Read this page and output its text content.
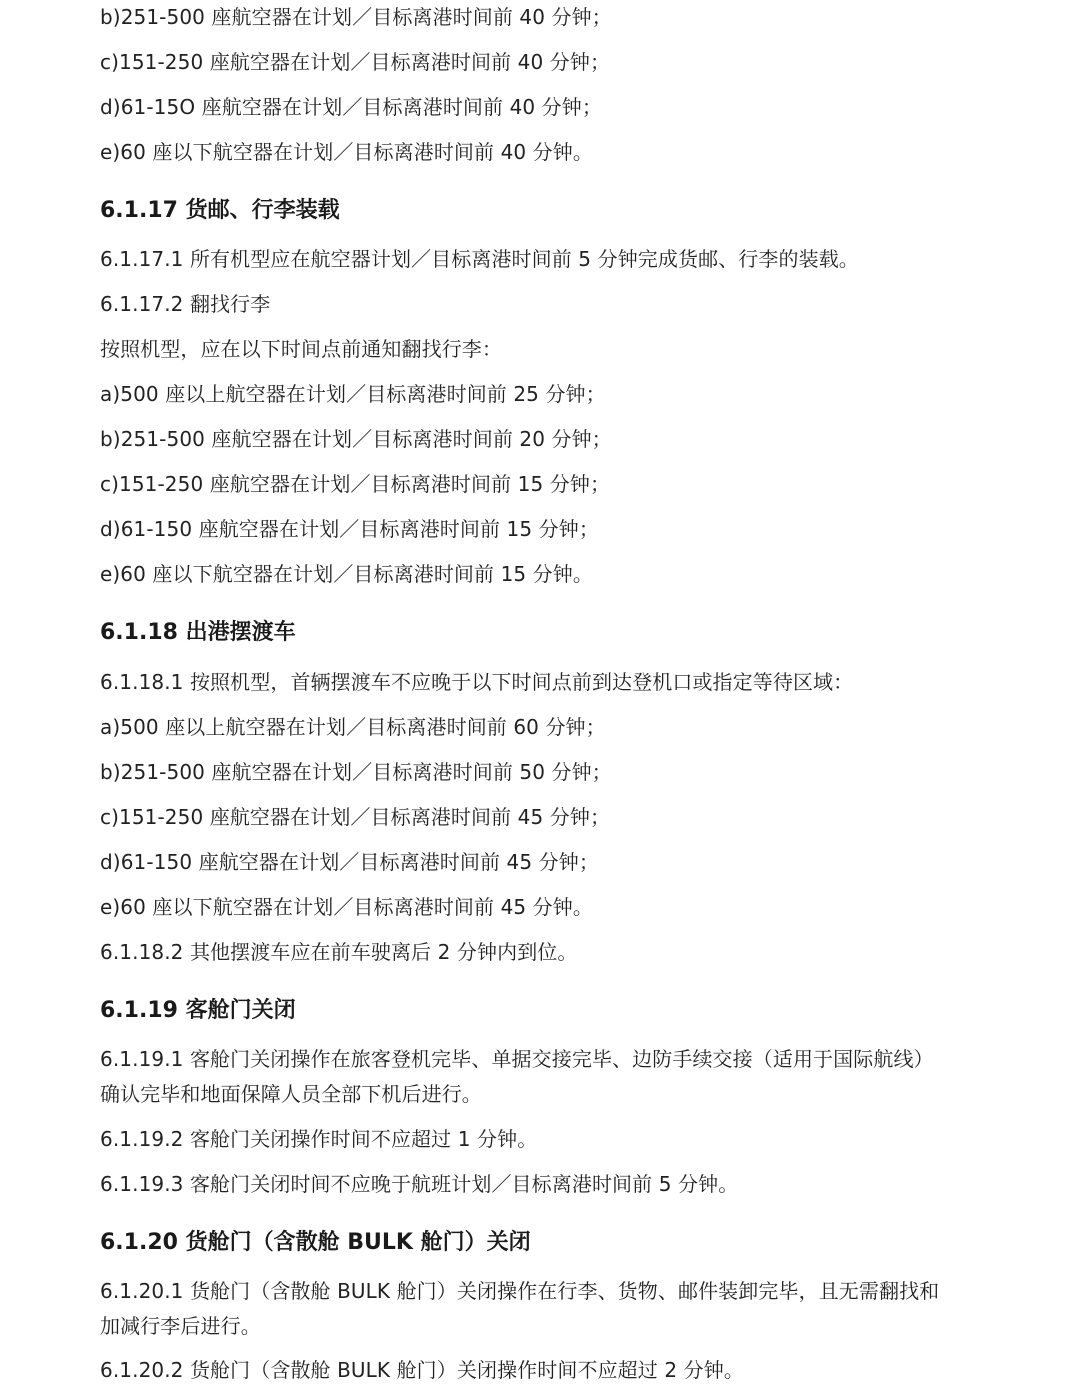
b)251-500 座航空器在计划／目标离港时间前 40 分钟；

c)151-250 座航空器在计划／目标离港时间前 40 分钟；

d)61-15O 座航空器在计划／目标离港时间前 40 分钟；

e)60 座以下航空器在计划／目标离港时间前 40 分钟。

6.1.17 货邮、行李装载

6.1.17.1 所有机型应在航空器计划／目标离港时间前 5 分钟完成货邮、行李的装载。

6.1.17.2 翻找行李

按照机型，应在以下时间点前通知翻找行李：

a)500 座以上航空器在计划／目标离港时间前 25 分钟；

b)251-500 座航空器在计划／目标离港时间前 20 分钟；

c)151-250 座航空器在计划／目标离港时间前 15 分钟；

d)61-150 座航空器在计划／目标离港时间前 15 分钟；

e)60 座以下航空器在计划／目标离港时间前 15 分钟。

6.1.18 出港摆渡车

6.1.18.1 按照机型，首辆摆渡车不应晚于以下时间点前到达登机口或指定等待区域：

a)500 座以上航空器在计划／目标离港时间前 60 分钟；

b)251-500 座航空器在计划／目标离港时间前 50 分钟；

c)151-250 座航空器在计划／目标离港时间前 45 分钟；

d)61-150 座航空器在计划／目标离港时间前 45 分钟；

e)60 座以下航空器在计划／目标离港时间前 45 分钟。

6.1.18.2 其他摆渡车应在前车驶离后 2 分钟内到位。

6.1.19 客舱门关闭

6.1.19.1 客舱门关闭操作在旅客登机完毕、单据交接完毕、边防手续交接（适用于国际航线）

确认完毕和地面保障人员全部下机后进行。

6.1.19.2 客舱门关闭操作时间不应超过 1 分钟。

6.1.19.3 客舱门关闭时间不应晚于航班计划／目标离港时间前 5 分钟。

6.1.20 货舱门（含散舱 BULK 舱门）关闭

6.1.20.1 货舱门（含散舱 BULK 舱门）关闭操作在行李、货物、邮件装卸完毕，且无需翻找和

加减行李后进行。

6.1.20.2 货舱门（含散舱 BULK 舱门）关闭操作时间不应超过 2 分钟。
